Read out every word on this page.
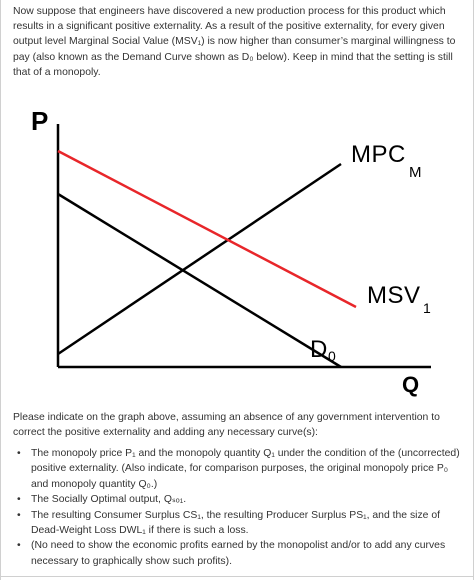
Now suppose that engineers have discovered a new production process for this product which results in a significant positive externality. As a result of the positive externality, for every given output level Marginal Social Value (MSV₁) is now higher than consumer’s marginal willingness to pay (also known as the Demand Curve shown as D₀ below). Keep in mind that the setting is still that of a monopoly.

P
Q
MPC
M
MSV 1
D 0

Please indicate on the graph above, assuming an absence of any government intervention to correct the positive externality and adding any necessary curve(s):

• The monopoly price P₁ and the monopoly quantity Q₁ under the condition of the (uncorrected) positive externality. (Also indicate, for comparison purposes, the original monopoly price P₀ and monopoly quantity Q₀.)
• The Socially Optimal output, Qₛₒ₁.
• The resulting Consumer Surplus CS₁, the resulting Producer Surplus PS₁, and the size of Dead-Weight Loss DWL₁ if there is such a loss.
• (No need to show the economic profits earned by the monopolist and/or to add any curves necessary to graphically show such profits).
